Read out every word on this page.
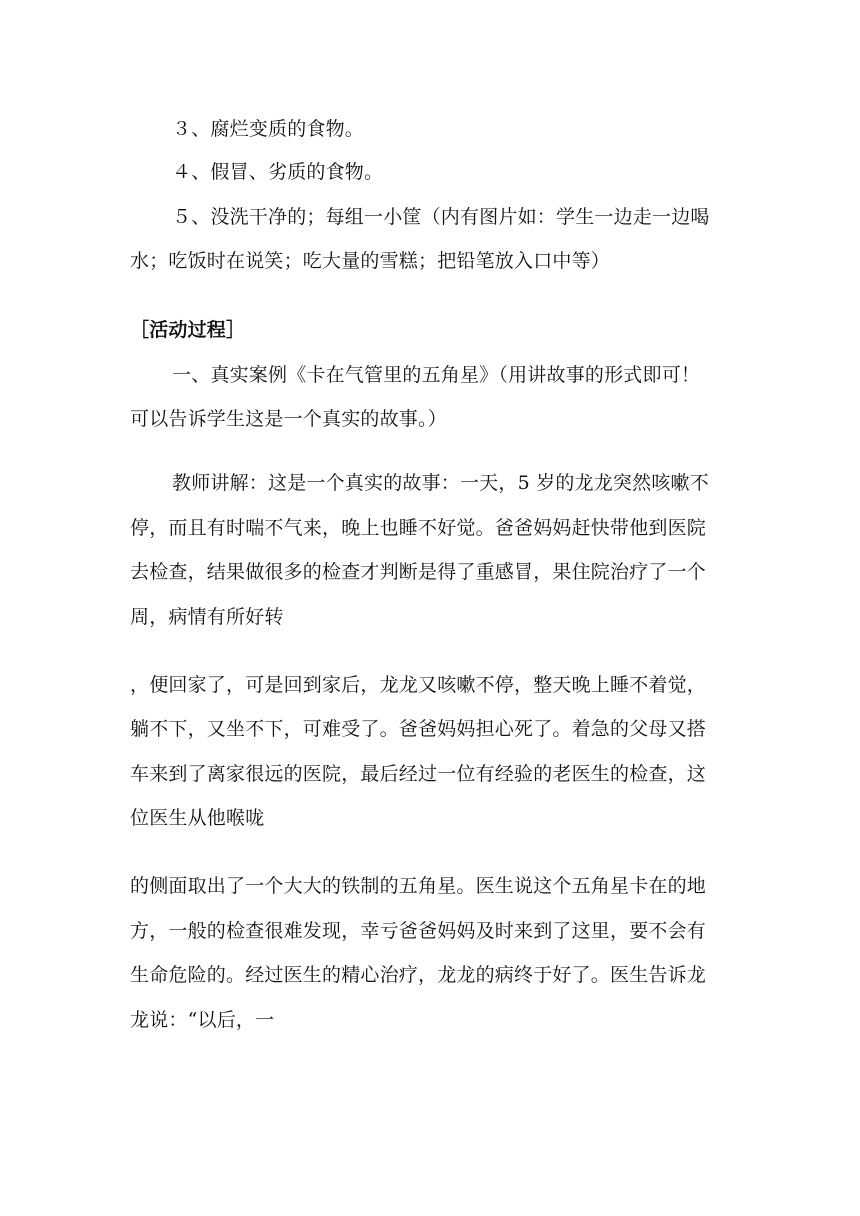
３、腐烂变质的食物。
４、假冒、劣质的食物。
５、没洗干净的；每组一小筐（内有图片如：学生一边走一边喝
水；吃饭时在说笑；吃大量的雪糕；把铅笔放入口中等）
［活动过程］
一、真实案例《卡在气管里的五角星》（用讲故事的形式即可！
可以告诉学生这是一个真实的故事。）
教师讲解：这是一个真实的故事：一天，5 岁的龙龙突然咳嗽不
停，而且有时喘不气来，晚上也睡不好觉。爸爸妈妈赶快带他到医院
去检查，结果做很多的检查才判断是得了重感冒，果住院治疗了一个
周，病情有所好转
，便回家了，可是回到家后，龙龙又咳嗽不停，整天晚上睡不着觉，
躺不下，又坐不下，可难受了。爸爸妈妈担心死了。着急的父母又搭
车来到了离家很远的医院，最后经过一位有经验的老医生的检查，这
位医生从他喉咙
的侧面取出了一个大大的铁制的五角星。医生说这个五角星卡在的地
方，一般的检查很难发现，幸亏爸爸妈妈及时来到了这里，要不会有
生命危险的。经过医生的精心治疗，龙龙的病终于好了。医生告诉龙
龙说：“以后，一
